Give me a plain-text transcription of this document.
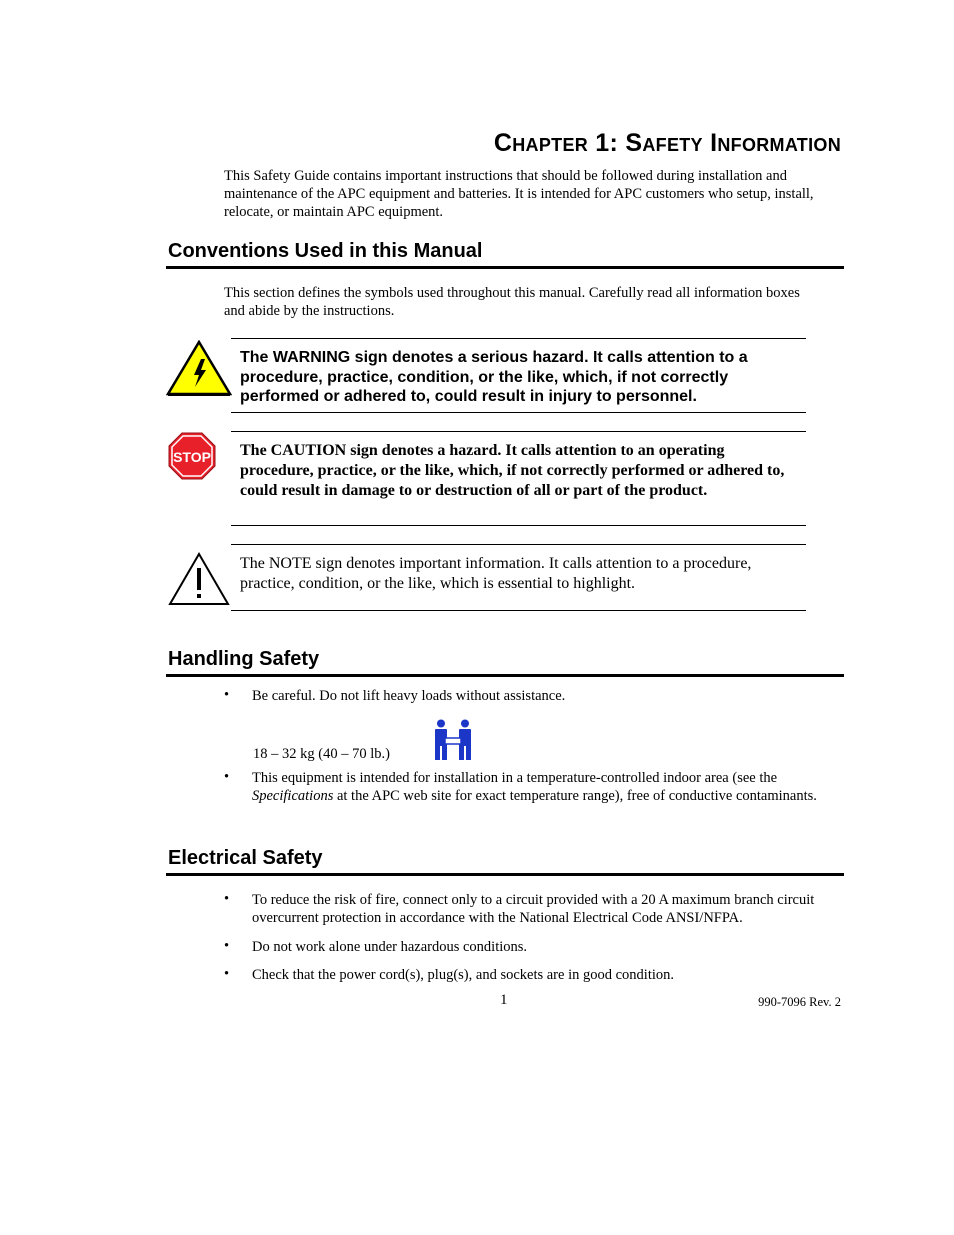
Chapter 1: Safety Information
This Safety Guide contains important instructions that should be followed during installation and maintenance of the APC equipment and batteries. It is intended for APC customers who setup, install, relocate, or maintain APC equipment.
Conventions Used in this Manual
This section defines the symbols used throughout this manual. Carefully read all information boxes and abide by the instructions.
The WARNING sign denotes a serious hazard. It calls attention to a procedure, practice, condition, or the like, which, if not correctly performed or adhered to, could result in injury to personnel.
STOP The CAUTION sign denotes a hazard. It calls attention to an operating procedure, practice, or the like, which, if not correctly performed or adhered to, could result in damage to or destruction of all or part of the product.
The NOTE sign denotes important information. It calls attention to a procedure, practice, condition, or the like, which is essential to highlight.
Handling Safety
• Be careful. Do not lift heavy loads without assistance.
18 – 32 kg (40 – 70 lb.)
• This equipment is intended for installation in a temperature-controlled indoor area (see the Specifications at the APC web site for exact temperature range), free of conductive contaminants.
Electrical Safety
• To reduce the risk of fire, connect only to a circuit provided with a 20 A maximum branch circuit overcurrent protection in accordance with the National Electrical Code ANSI/NFPA.
• Do not work alone under hazardous conditions.
• Check that the power cord(s), plug(s), and sockets are in good condition.
1	990-7096 Rev. 2
